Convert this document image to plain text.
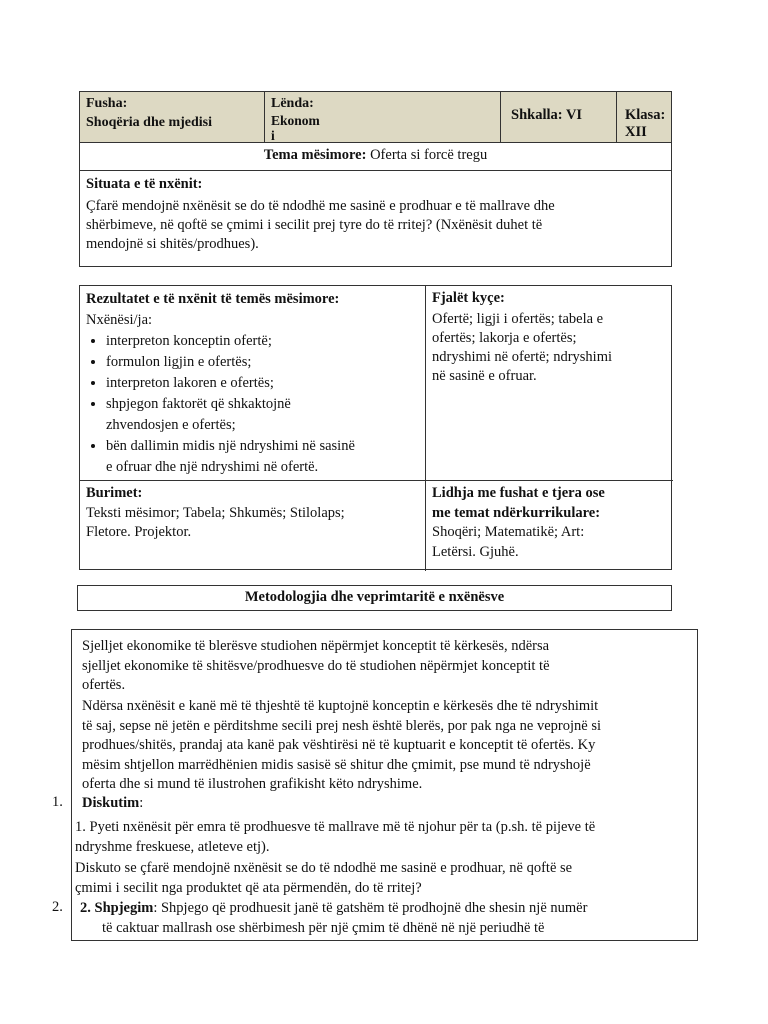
Fusha:
Shoqëria dhe mjedisi
Lënda:
Ekonom
i
Shkalla: VI	Klasa: XII
Tema mësimore: Oferta si forcë tregu
Situata e të nxënit:
Çfarë mendojnë nxënësit se do të ndodhë me sasinë e prodhuar e të mallrave dhe
shërbimeve, në qoftë se çmimi i secilit prej tyre do të rritej? (Nxënësit duhet të
mendojnë si shitës/prodhues).
Rezultatet e të nxënit të temës mësimore:
Nxënësi/ja:
• interpreton konceptin ofertë;
• formulon ligjin e ofertës;
• interpreton lakoren e ofertës;
• shpjegon faktorët që shkaktojnë zhvendosjen e ofertës;
• bën dallimin midis një ndryshimi në sasinë e ofruar dhe një ndryshimi në ofertë.
Fjalët kyçe:
Ofertë; ligji i ofertës; tabela e
ofertës; lakorja e ofertës;
ndryshimi në ofertë; ndryshimi
në sasinë e ofruar.
Burimet:
Teksti mësimor; Tabela; Shkumës; Stilolaps;
Fletore. Projektor.
Lidhja me fushat e tjera ose
me temat ndërkurrikulare:
Shoqëri; Matematikë; Art:
Letërsi. Gjuhë.
Metodologjia dhe veprimtaritë e nxënësve
Sjelljet ekonomike të blerësve studiohen nëpërmjet konceptit të kërkesës, ndërsa
sjelljet ekonomike të shitësve/prodhuesve do të studiohen nëpërmjet konceptit të
ofertës.
Ndërsa nxënësit e kanë më të thjeshtë të kuptojnë konceptin e kërkesës dhe të ndryshimit
të saj, sepse në jetën e përditshme secili prej nesh është blerës, por pak nga ne veprojnë si
prodhues/shitës, prandaj ata kanë pak vështirësi në të kuptuarit e konceptit të ofertës. Ky
mësim shtjellon marrëdhënien midis sasisë së shitur dhe çmimit, pse mund të ndryshojë
oferta dhe si mund të ilustrohen grafikisht këto ndryshime.
Diskutim:
1. Pyeti nxënësit për emra të prodhuesve të mallrave më të njohur për ta (p.sh. të pijeve të
ndryshme freskuese, atleteve etj).
Diskuto se çfarë mendojnë nxënësit se do të ndodhë me sasinë e prodhuar, në qoftë se
çmimi i secilit nga produktet që ata përmendën, do të rritej?
2. Shpjegim: Shpjego që prodhuesit janë të gatshëm të prodhojnë dhe shesin një numër
të caktuar mallrash ose shërbimesh për një çmim të dhënë në një periudhë të
1.
2.
